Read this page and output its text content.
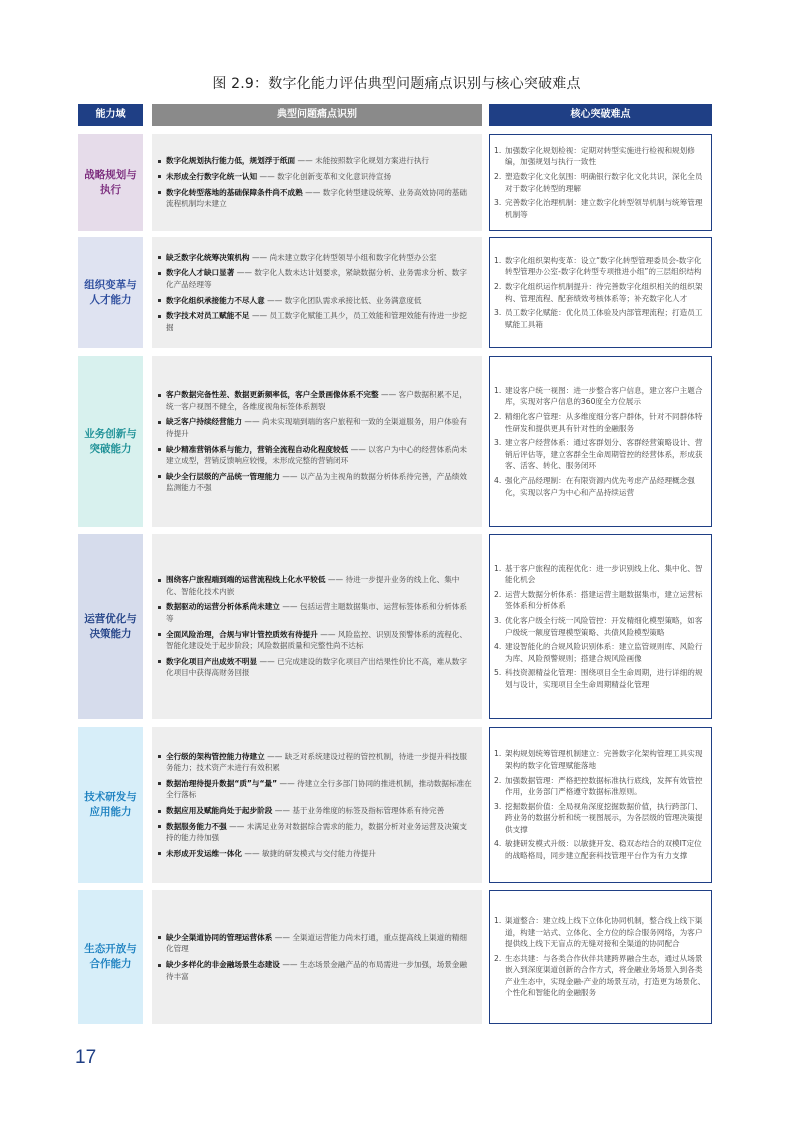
图 2.9：数字化能力评估典型问题痛点识别与核心突破难点
能力域	典型问题痛点识别	核心突破难点
战略规划与
执行
数字化规划执行能力低，规划浮于纸面 —— 未能按照数字化规划方案进行执行
未形成全行数字化统一认知 —— 数字化创新变革和文化意识待宣扬
数字化转型落地的基础保障条件尚不成熟 —— 数字化转型建设统筹、业务高效协同的基础流程机制均未建立
1. 加强数字化规划检视：定期对转型实施进行检视和规划修编，加强规划与执行一致性
2. 塑造数字化文化氛围：明确银行数字化文化共识，深化全员对于数字化转型的理解
3. 完善数字化治理机制：建立数字化转型领导机制与统筹管理机制等
组织变革与
人才能力
缺乏数字化统筹决策机构 —— 尚未建立数字化转型领导小组和数字化转型办公室
数字化人才缺口显著 —— 数字化人数未达计划要求，紧缺数据分析、业务需求分析、数字化产品经理等
数字化组织承接能力不尽人意 —— 数字化团队需求承接比低、业务满意度低
数字技术对员工赋能不足 —— 员工数字化赋能工具少，员工效能和管理效能有待进一步挖掘
1. 数字化组织架构变革：设立“数字化转型管理委员会-数字化转型管理办公室-数字化转型专项推进小组”的三层组织结构
2. 数字化组织运作机制提升：待完善数字化组织相关的组织架构、管理流程、配套绩效考核体系等；补充数字化人才
3. 员工数字化赋能：优化员工体验及内部管理流程；打造员工赋能工具箱
业务创新与
突破能力
客户数据完备性差、数据更新频率低，客户全景画像体系不完整 —— 客户数据积累不足，统一客户视图不健全，各维度视角标签体系割裂
缺乏客户持续经营能力 —— 尚未实现端到端的客户旅程和一致的全渠道服务，用户体验有待提升
缺少精准营销体系与能力，营销全流程自动化程度较低 —— 以客户为中心的经营体系尚未建立成型，营销反馈响应较慢，未形成完整的营销闭环
缺少全行层级的产品统一管理能力 —— 以产品为主视角的数据分析体系待完善，产品绩效监测能力不强
1. 建设客户统一视图：进一步整合客户信息，建立客户主题合库，实现对客户信息的360度全方位展示
2. 精细化客户管理：从多维度细分客户群体，针对不同群体特性研发和提供更具有针对性的金融服务
3. 建立客户经营体系：通过客群划分、客群经营策略设计、营销后评估等，建立客群全生命周期管控的经营体系，形成获客、活客、转化、服务闭环
4. 强化产品经理制：在有限资源内优先考虑产品经理概念强化，实现以客户为中心和产品持续运营
运营优化与
决策能力
围绕客户旅程端到端的运营流程线上化水平较低 —— 待进一步提升业务的线上化、集中化、智能化技术内嵌
数据驱动的运营分析体系尚未建立 —— 包括运营主题数据集市、运营标签体系和分析体系等
全面风险治理，合规与审计管控质效有待提升 —— 风险监控、识别及预警体系的流程化、智能化建设处于起步阶段；风险数据质量和完整性尚不达标
数字化项目产出成效不明显 —— 已完成建设的数字化项目产出结果性价比不高，难从数字化项目中获得高财务回报
1. 基于客户旅程的流程优化：进一步识别线上化、集中化、智能化机会
2. 运营大数据分析体系：搭建运营主题数据集市，建立运营标签体系和分析体系
3. 优化客户级全行统一风险管控：开发精细化模型策略，如客户级统一额度管理模型策略、共债风险模型策略
4. 建设智能化的合规风险识别体系：建立监管规则库、风险行为库、风险预警规则；搭建合规风险画像
5. 科技资源精益化管理：围绕项目全生命周期，进行详细的规划与设计，实现项目全生命周期精益化管理
技术研发与
应用能力
全行级的架构管控能力待建立 —— 缺乏对系统建设过程的管控机制，待进一步提升科技服务能力；技术资产未进行有效积累
数据治理待提升数据“质”与“量” —— 待建立全行多部门协同的推进机制，推动数据标准在全行落标
数据应用及赋能尚处于起步阶段 —— 基于业务维度的标签及指标管理体系有待完善
数据服务能力不强 —— 未满足业务对数据综合需求的能力，数据分析对业务运营及决策支持的能力待加强
未形成开发运维一体化 —— 敏捷的研发模式与交付能力待提升
1. 架构规划统筹管理机制建立：完善数字化架构管理工具实现架构的数字化管理赋能落地
2. 加强数据管理：严格把控数据标准执行底线，发挥有效管控作用，业务部门严格遵守数据标准原则。
3. 挖掘数据价值：全局视角深度挖掘数据价值，执行跨部门、跨业务的数据分析和统一视图展示，为各层级的管理决策提供支撑
4. 敏捷研发模式升级：以敏捷开发、稳双态结合的双模IT定位的战略格局，同步建立配套科技管理平台作为有力支撑
生态开放与
合作能力
缺少全渠道协同的管理运营体系 —— 全渠道运营能力尚未打通，重点提高线上渠道的精细化管理
缺少多样化的非金融场景生态建设 —— 生态场景金融产品的布局需进一步加强，场景金融待丰富
1. 渠道整合：建立线上线下立体化协同机制，整合线上线下渠道，构建一站式、立体化、全方位的综合服务网络，为客户提供线上线下无盲点的无缝对接和全渠道的协同配合
2. 生态共建：与各类合作伙伴共建跨界融合生态，通过从场景嵌入到深度渠道创新的合作方式，将金融业务场景入到各类产业生态中，实现金融-产业的场景互动，打造更为场景化、个性化和智能化的金融服务
17
